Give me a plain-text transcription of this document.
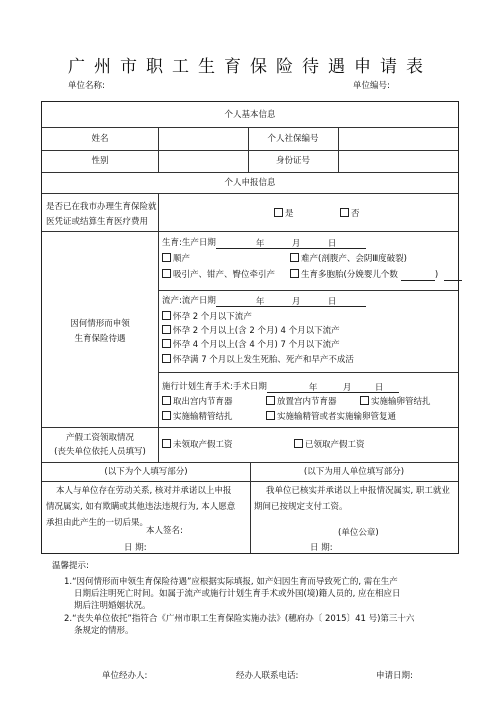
广州市职工生育保险待遇申请表
单位名称:	单位编号:
个人基本信息
姓名	个人社保编号
性别	身份证号
个人申报信息
是否已在我市办理生育保险就
医凭证或结算生育医疗费用
是	否
因何情形而申领
生育保险待遇
生育:生产日期	年	月	日
顺产	难产(剖腹产、会阴Ⅲ度破裂)
吸引产、钳产、臀位牵引产	生育多胞胎(分娩婴儿个数	)
流产:流产日期	年	月	日
怀孕 2 个月以下流产
怀孕 2 个月以上(含 2 个月) 4 个月以下流产
怀孕 4 个月以上(含 4 个月) 7 个月以下流产
怀孕满 7 个月以上发生死胎、死产和早产不成活
施行计划生育手术:手术日期	年	月	日
取出宫内节育器	放置宫内节育器	实施输卵管结扎
实施输精管结扎	实施输精管或者实施输卵管复通
产假工资领取情况
(丧失单位依托人员填写)
未领取产假工资	已领取产假工资
(以下为个人填写部分)
本人与单位存在劳动关系, 核对并承诺以上申报
情况属实, 如有欺瞒或其他违法违规行为, 本人愿意
承担由此产生的一切后果。
本人签名:
日 期:
(以下为用人单位填写部分)
我单位已核实并承诺以上申报情况属实, 职工就业
期间已按规定支付工资。
(单位公章)
日 期:
温馨提示:
1.“因何情形而申领生育保险待遇”应根据实际填报, 如产妇因生育而导致死亡的, 需在生产
日期后注明死亡时间。如属于流产或施行计划生育手术或外国(境)籍人员的, 应在相应日
期后注明婚姻状况。
2.“丧失单位依托”指符合《广州市职工生育保险实施办法》(穗府办〔 2015〕41 号)第三十六
条规定的情形。
单位经办人:	经办人联系电话:	申请日期:
